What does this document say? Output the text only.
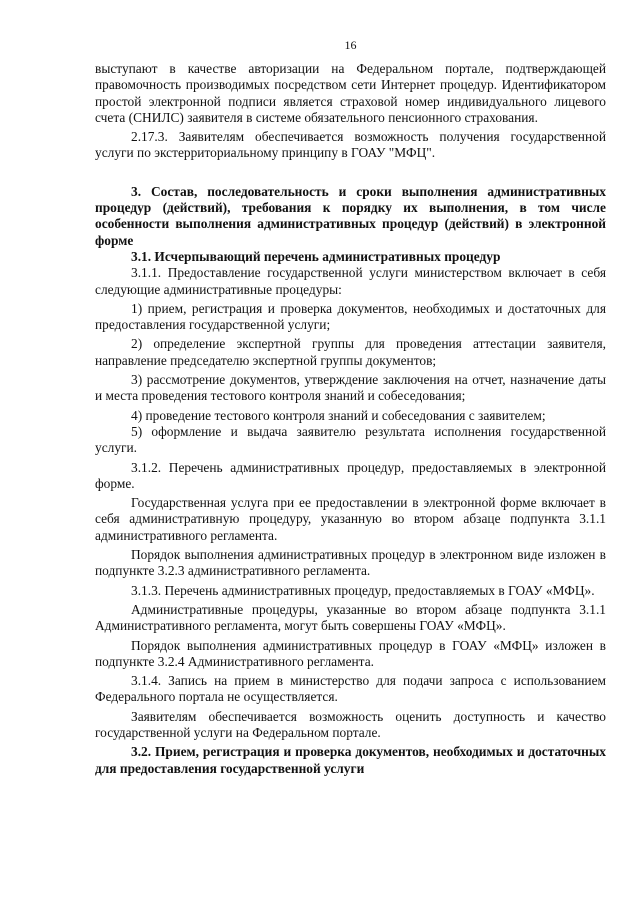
16

выступают в качестве авторизации на Федеральном портале, подтверждающей правомочность производимых посредством сети Интернет процедур. Идентификатором простой электронной подписи является страховой номер индивидуального лицевого счета (СНИЛС) заявителя в системе обязательного пенсионного страхования.

2.17.3. Заявителям обеспечивается возможность получения государственной услуги по экстерриториальному принципу в ГОАУ "МФЦ".

3. Состав, последовательность и сроки выполнения административных процедур (действий), требования к порядку их выполнения, в том числе особенности выполнения административных процедур (действий) в электронной форме

3.1. Исчерпывающий перечень административных процедур

3.1.1. Предоставление государственной услуги министерством включает в себя следующие административные процедуры:

1) прием, регистрация и проверка документов, необходимых и достаточных для предоставления государственной услуги;

2) определение экспертной группы для проведения аттестации заявителя, направление председателю экспертной группы документов;

3) рассмотрение документов, утверждение заключения на отчет, назначение даты и места проведения тестового контроля знаний и собеседования;

4) проведение тестового контроля знаний и собеседования с заявителем;

5) оформление и выдача заявителю результата исполнения государственной услуги.

3.1.2. Перечень административных процедур, предоставляемых в электронной форме.

Государственная услуга при ее предоставлении в электронной форме включает в себя административную процедуру, указанную во втором абзаце подпункта 3.1.1 административного регламента.

Порядок выполнения административных процедур в электронном виде изложен в подпункте 3.2.3 административного регламента.

3.1.3. Перечень административных процедур, предоставляемых в ГОАУ «МФЦ».

Административные процедуры, указанные во втором абзаце подпункта 3.1.1 Административного регламента, могут быть совершены ГОАУ «МФЦ».

Порядок выполнения административных процедур в ГОАУ «МФЦ» изложен в подпункте 3.2.4 Административного регламента.

3.1.4. Запись на прием в министерство для подачи запроса с использованием Федерального портала не осуществляется.

Заявителям обеспечивается возможность оценить доступность и качество государственной услуги на Федеральном портале.

3.2. Прием, регистрация и проверка документов, необходимых и достаточных для предоставления государственной услуги
